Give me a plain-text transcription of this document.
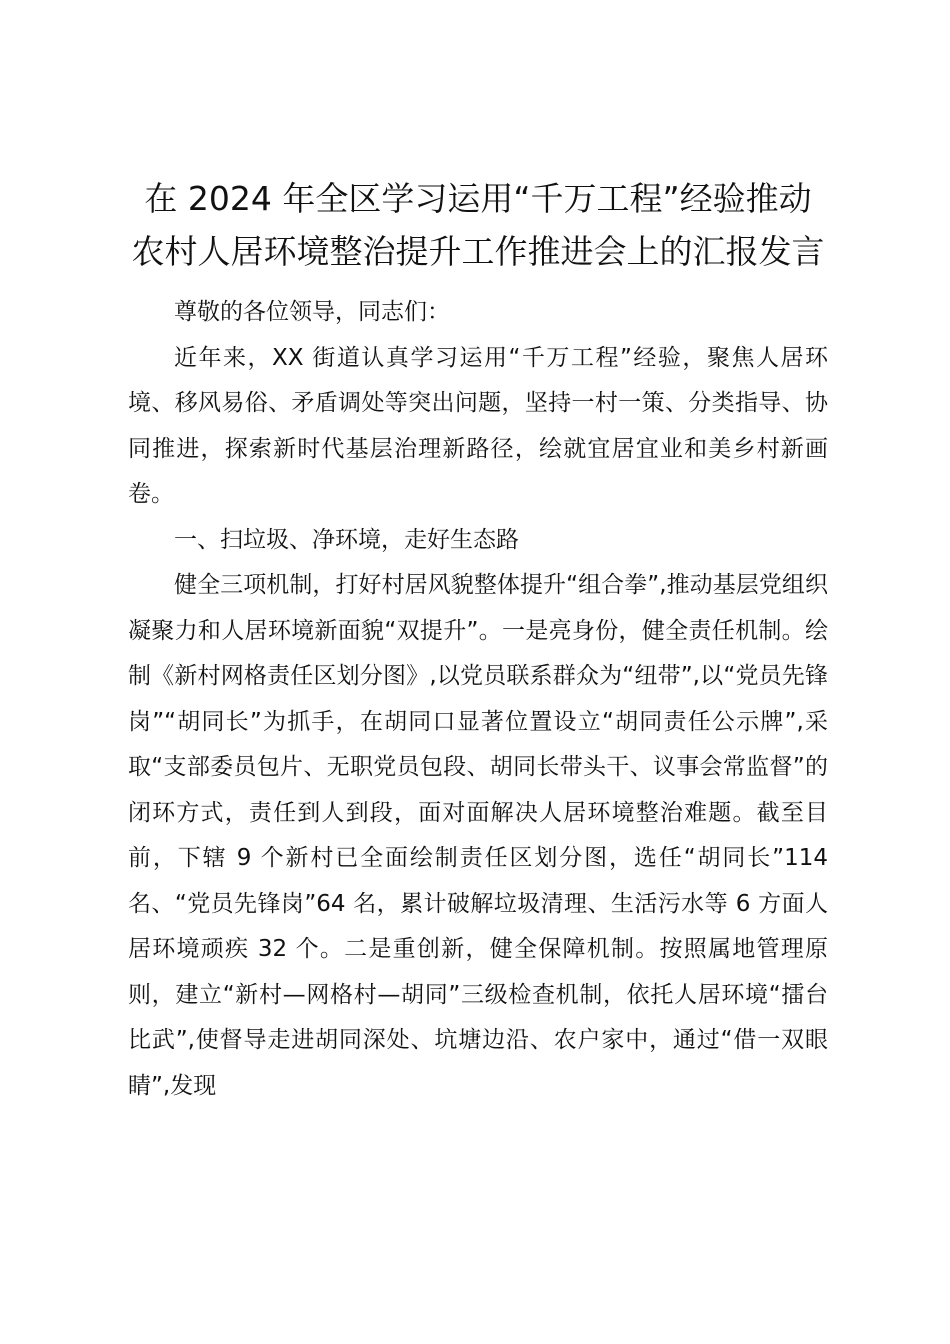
在 2024 年全区学习运用“千万工程”经验推动农村人居环境整治提升工作推进会上的汇报发言

尊敬的各位领导，同志们：

近年来，XX 街道认真学习运用“千万工程”经验，聚焦人居环境、移风易俗、矛盾调处等突出问题，坚持一村一策、分类指导、协同推进，探索新时代基层治理新路径，绘就宜居宜业和美乡村新画卷。

一、扫垃圾、净环境，走好生态路

健全三项机制，打好村居风貌整体提升“组合拳”,推动基层党组织凝聚力和人居环境新面貌“双提升”。一是亮身份，健全责任机制。绘制《新村网格责任区划分图》,以党员联系群众为“纽带”,以“党员先锋岗”“胡同长”为抓手，在胡同口显著位置设立“胡同责任公示牌”,采取“支部委员包片、无职党员包段、胡同长带头干、议事会常监督”的闭环方式，责任到人到段，面对面解决人居环境整治难题。截至目前，下辖 9 个新村已全面绘制责任区划分图，选任“胡同长”114 名、“党员先锋岗”64 名，累计破解垃圾清理、生活污水等 6 方面人居环境顽疾 32 个。二是重创新，健全保障机制。按照属地管理原则，建立“新村—网格村—胡同”三级检查机制，依托人居环境“擂台比武”,使督导走进胡同深处、坑塘边沿、农户家中，通过“借一双眼睛”,发现
